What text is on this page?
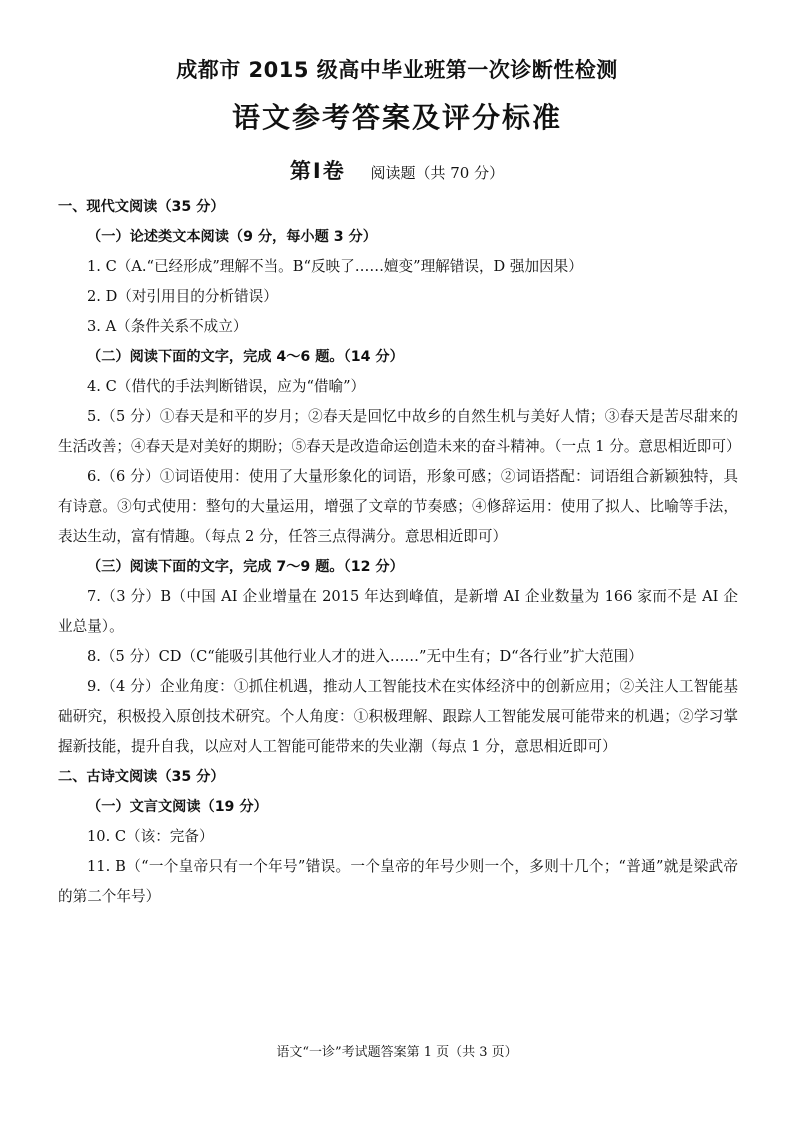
成都市 2015 级高中毕业班第一次诊断性检测
语文参考答案及评分标准
第Ⅰ卷 阅读题（共 70 分）
一、现代文阅读（35 分）
（一）论述类文本阅读（9 分，每小题 3 分）
1. C（A.“已经形成”理解不当。B“反映了……嬗变”理解错误，D 强加因果）
2. D（对引用目的分析错误）
3. A（条件关系不成立）
（二）阅读下面的文字，完成 4～6 题。（14 分）
4. C（借代的手法判断错误，应为“借喻”）
5.（5 分）①春天是和平的岁月；②春天是回忆中故乡的自然生机与美好人情；③春天是苦尽甜来的生活改善；④春天是对美好的期盼；⑤春天是改造命运创造未来的奋斗精神。（一点 1 分。意思相近即可）
6.（6 分）①词语使用：使用了大量形象化的词语，形象可感；②词语搭配：词语组合新颖独特，具有诗意。③句式使用：整句的大量运用，增强了文章的节奏感；④修辞运用：使用了拟人、比喻等手法，表达生动，富有情趣。（每点 2 分，任答三点得满分。意思相近即可）
（三）阅读下面的文字，完成 7～9 题。（12 分）
7.（3 分）B（中国 AI 企业增量在 2015 年达到峰值，是新增 AI 企业数量为 166 家而不是 AI 企业总量）。
8.（5 分）CD（C“能吸引其他行业人才的进入……”无中生有；D“各行业”扩大范围）
9.（4 分）企业角度：①抓住机遇，推动人工智能技术在实体经济中的创新应用；②关注人工智能基础研究，积极投入原创技术研究。个人角度：①积极理解、跟踪人工智能发展可能带来的机遇；②学习掌握新技能，提升自我，以应对人工智能可能带来的失业潮（每点 1 分，意思相近即可）
二、古诗文阅读（35 分）
（一）文言文阅读（19 分）
10. C（该：完备）
11. B（“一个皇帝只有一个年号”错误。一个皇帝的年号少则一个，多则十几个；“普通”就是梁武帝的第二个年号）
语文“一诊”考试题答案第 1 页（共 3 页）
